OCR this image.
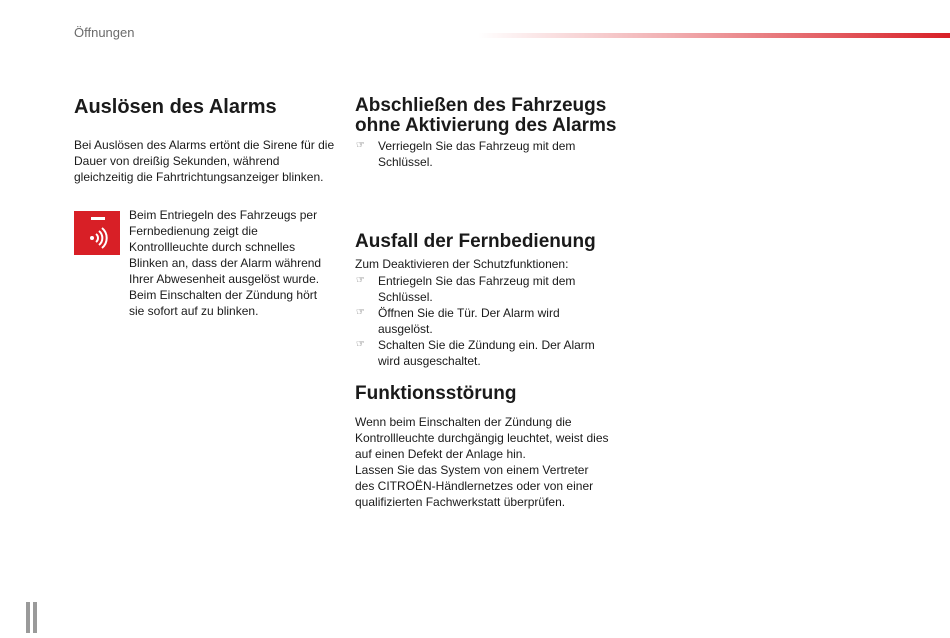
Öffnungen
Auslösen des Alarms

Bei Auslösen des Alarms ertönt die Sirene für die Dauer von dreißig Sekunden, während gleichzeitig die Fahrtrichtungsanzeiger blinken.

Beim Entriegeln des Fahrzeugs per Fernbedienung zeigt die Kontrollleuchte durch schnelles Blinken an, dass der Alarm während Ihrer Abwesenheit ausgelöst wurde. Beim Einschalten der Zündung hört sie sofort auf zu blinken.

Abschließen des Fahrzeugs ohne Aktivierung des Alarms
☞ Verriegeln Sie das Fahrzeug mit dem Schlüssel.
Ausfall der Fernbedienung

Zum Deaktivieren der Schutzfunktionen:

☞ Entriegeln Sie das Fahrzeug mit dem Schlüssel.
☞ Öffnen Sie die Tür. Der Alarm wird ausgelöst.
☞ Schalten Sie die Zündung ein. Der Alarm wird ausgeschaltet.
Funktionsstörung

Wenn beim Einschalten der Zündung die Kontrollleuchte durchgängig leuchtet, weist dies auf einen Defekt der Anlage hin.

Lassen Sie das System von einem Vertreter des CITROËN-Händlernetzes oder von einer qualifizierten Fachwerkstatt überprüfen.
